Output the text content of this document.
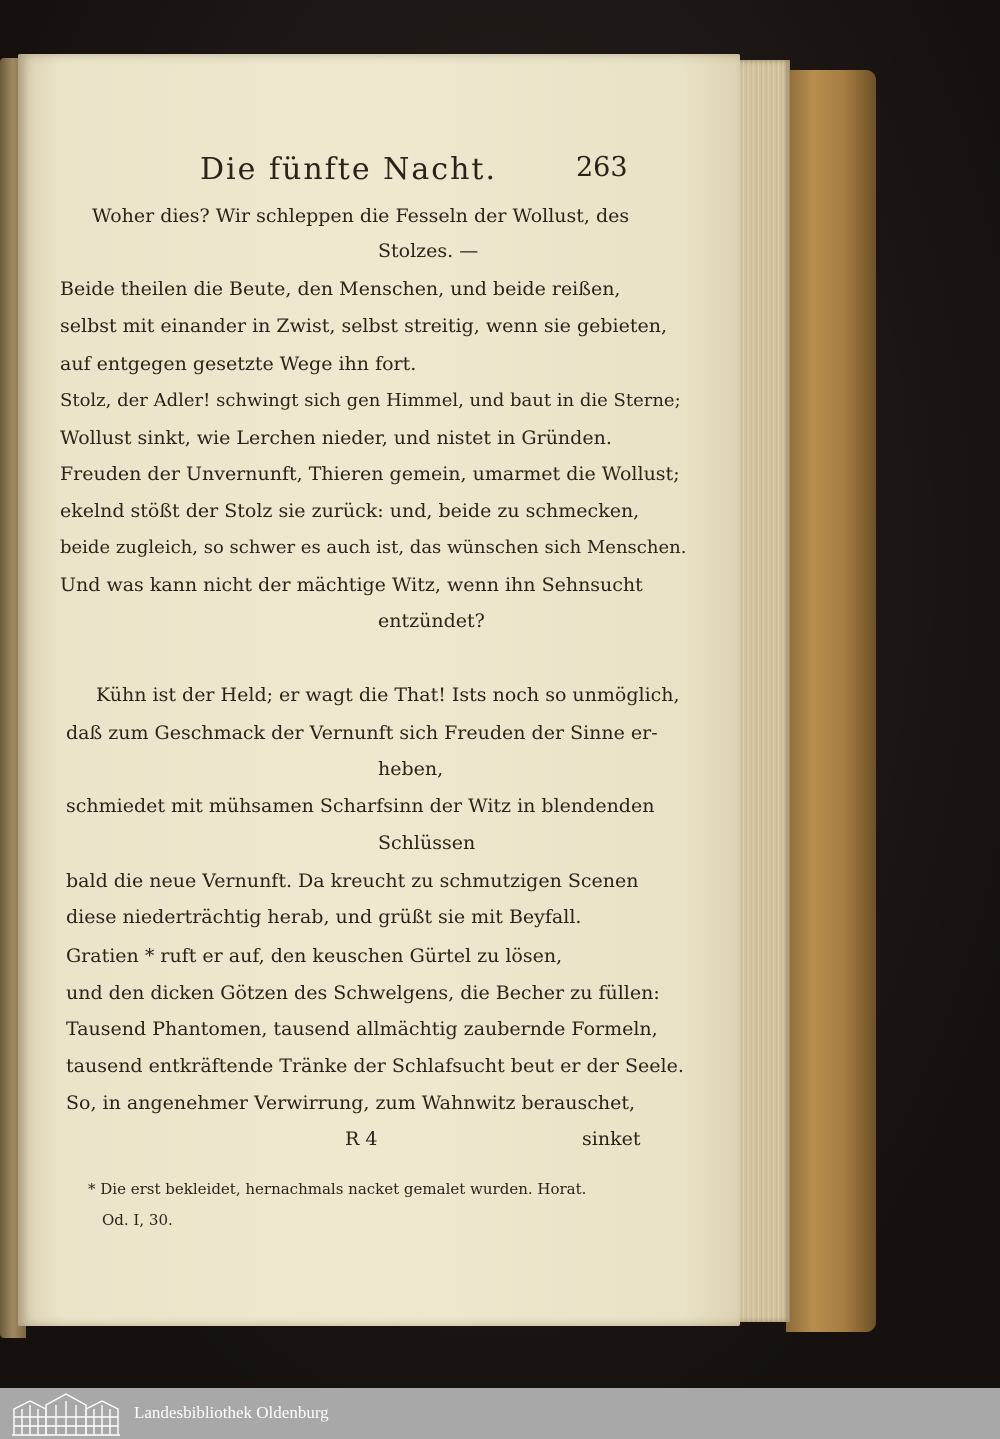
Die fünfte Nacht.	263
Woher dies? Wir schleppen die Fesseln der Wollust, des
Stolzes. —
Beide theilen die Beute, den Menschen, und beide reißen,
selbst mit einander in Zwist, selbst streitig, wenn sie gebieten,
auf entgegen gesetzte Wege ihn fort.
Stolz, der Adler! schwingt sich gen Himmel, und baut in die Sterne;
Wollust sinkt, wie Lerchen nieder, und nistet in Gründen.
Freuden der Unvernunft, Thieren gemein, umarmet die Wollust;
ekelnd stößt der Stolz sie zurück: und, beide zu schmecken,
beide zugleich, so schwer es auch ist, das wünschen sich Menschen.
Und was kann nicht der mächtige Witz, wenn ihn Sehnsucht
entzündet?
Kühn ist der Held; er wagt die That! Ists noch so unmöglich,
daß zum Geschmack der Vernunft sich Freuden der Sinne er-
heben,
schmiedet mit mühsamen Scharfsinn der Witz in blendenden
Schlüssen
bald die neue Vernunft. Da kreucht zu schmutzigen Scenen
diese niederträchtig herab, und grüßt sie mit Beyfall.
Gratien * ruft er auf, den keuschen Gürtel zu lösen,
und den dicken Götzen des Schwelgens, die Becher zu füllen:
Tausend Phantomen, tausend allmächtig zaubernde Formeln,
tausend entkräftende Tränke der Schlafsucht beut er der Seele.
So, in angenehmer Verwirrung, zum Wahnwitz berauschet,
R 4	sinket
* Die erst bekleidet, hernachmals nacket gemalet wurden. Horat.
Od. I, 30.
Landesbibliothek Oldenburg
